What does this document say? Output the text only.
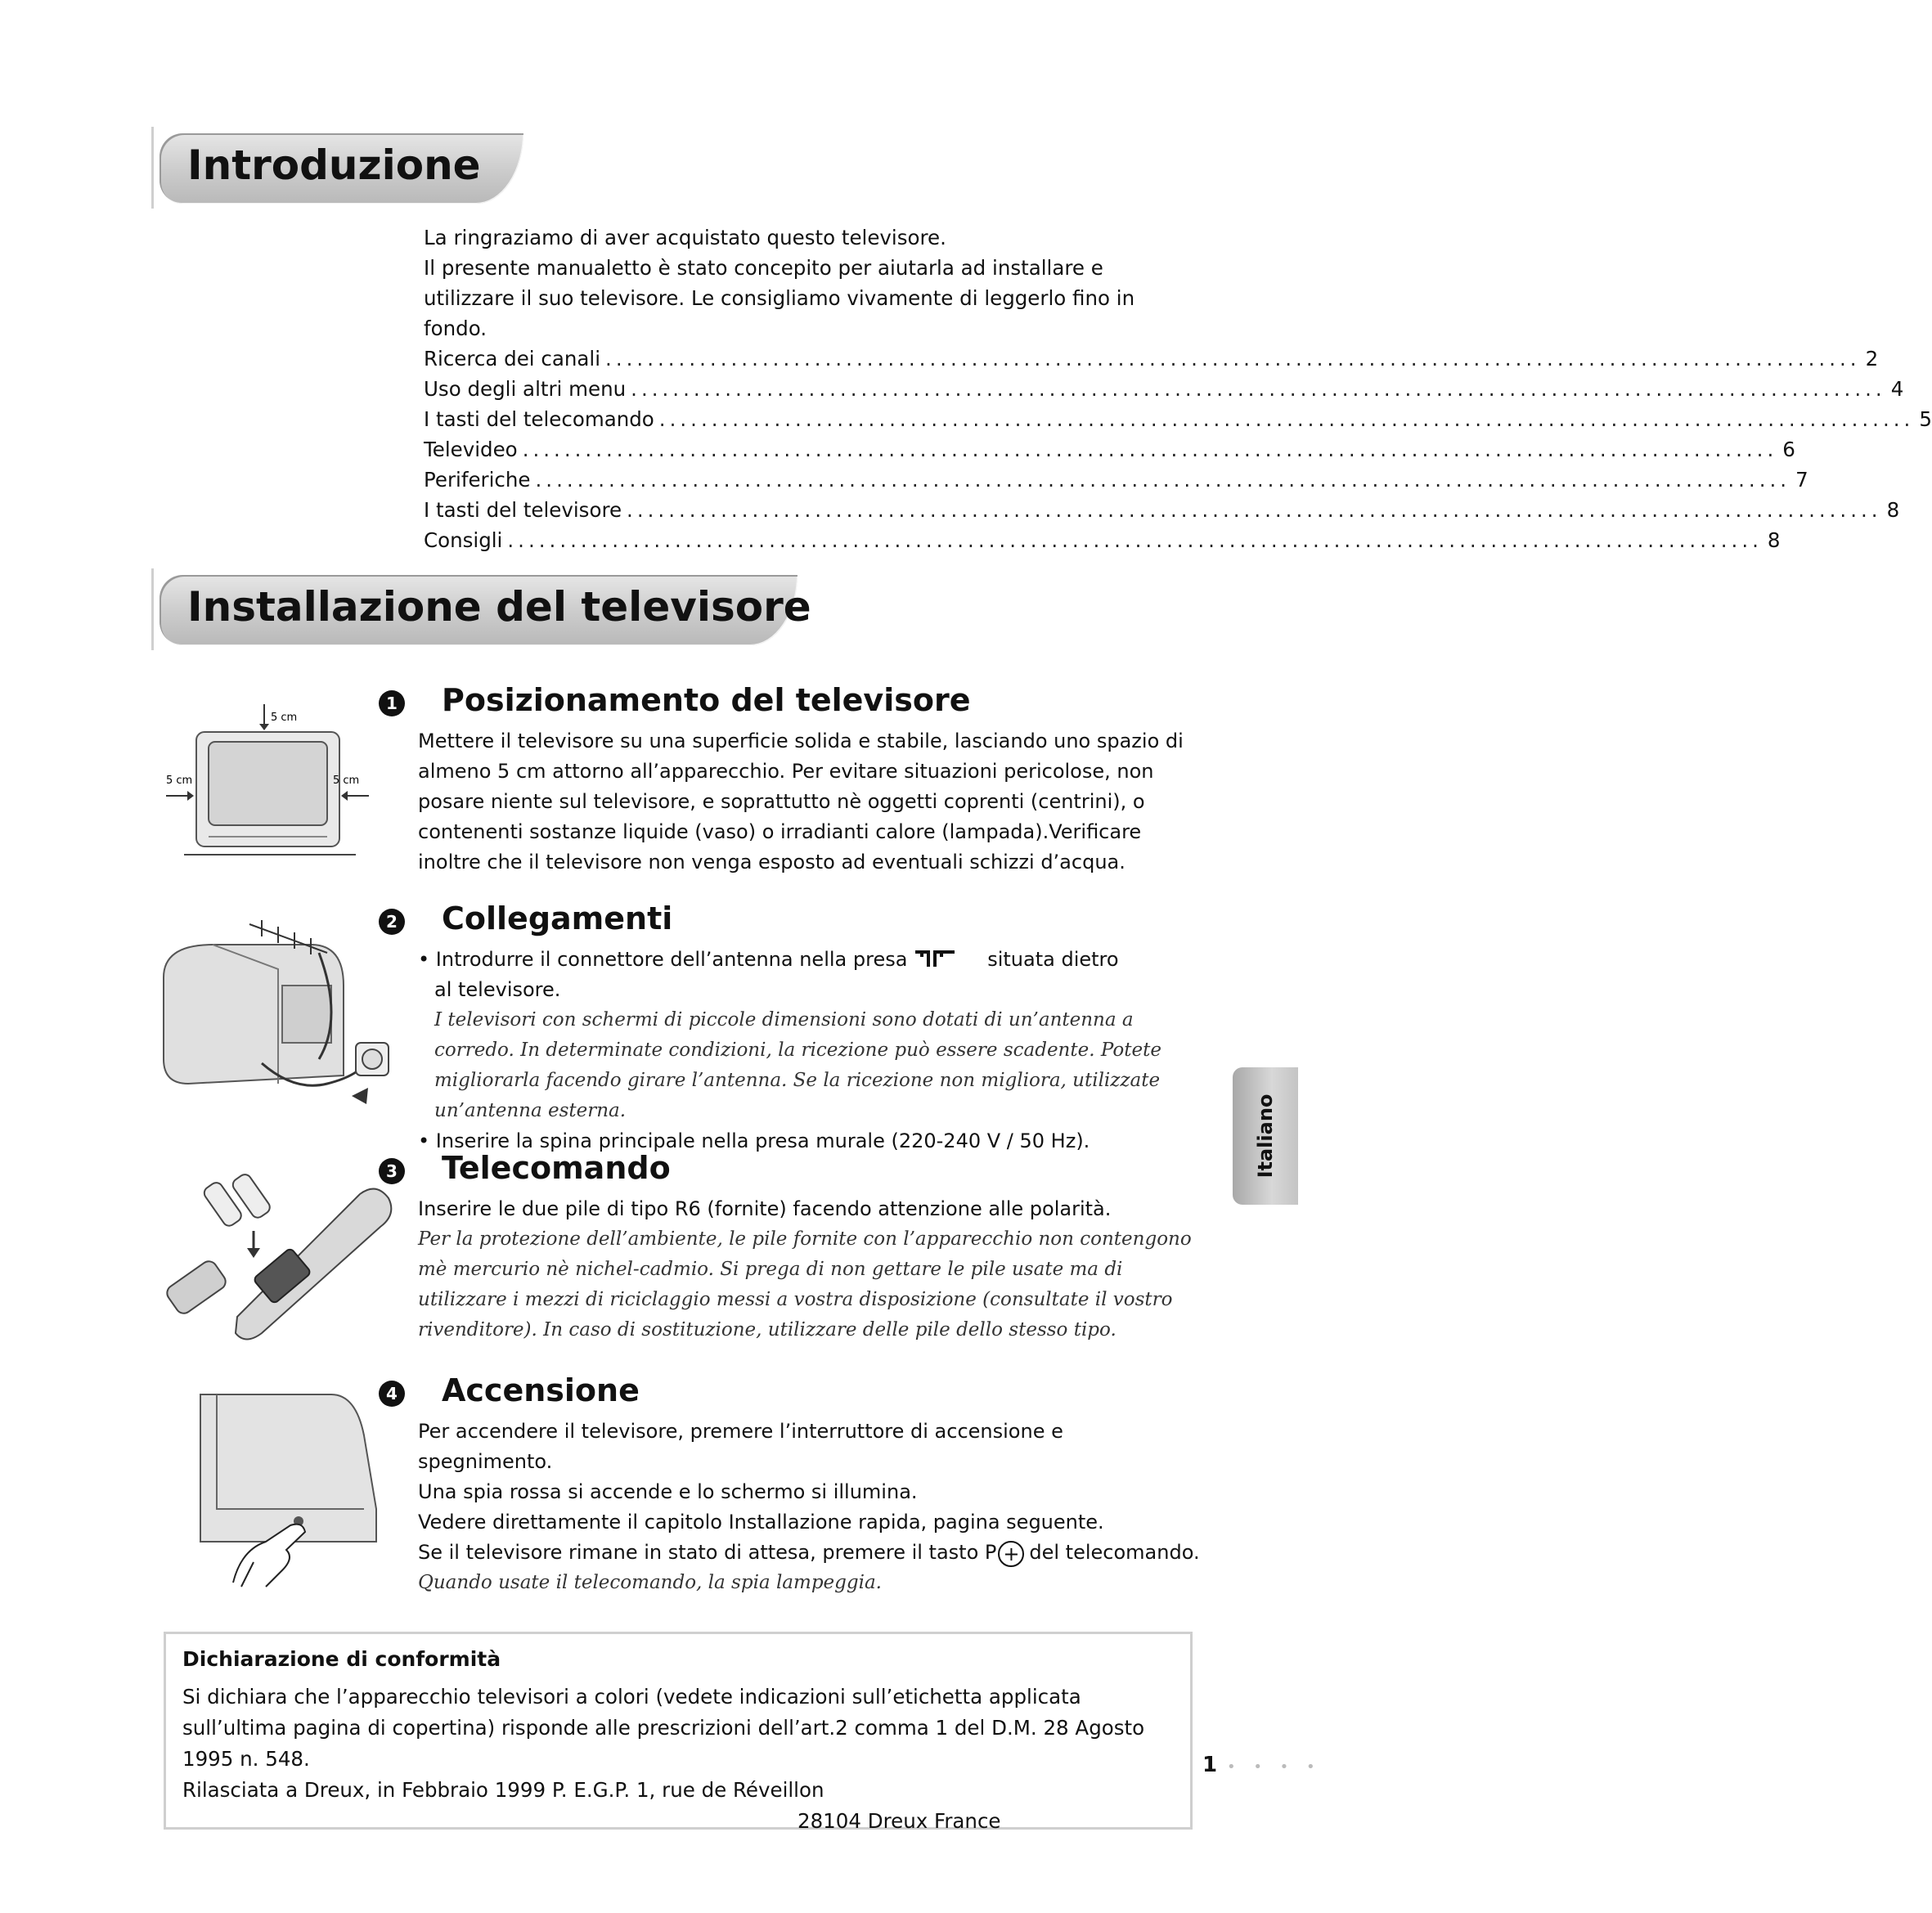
Introduzione

La ringraziamo di aver acquistato questo televisore.

Il presente manualetto è stato concepito per aiutarla ad installare e utilizzare il suo televisore. Le consigliamo vivamente di leggerlo fino in fondo.

Ricerca dei canali ........................................................................................................................ 2
Uso degli altri menu ........................................................................................................................ 4
I tasti del telecomando ........................................................................................................................ 5
Televideo ........................................................................................................................ 6
Periferiche ........................................................................................................................ 7
I tasti del televisore ........................................................................................................................ 8
Consigli ........................................................................................................................ 8
Installazione del televisore
5 cm
5 cm	5 cm
1 Posizionamento del televisore

Mettere il televisore su una superficie solida e stabile, lasciando uno spazio di almeno 5 cm attorno all’apparecchio. Per evitare situazioni pericolose, non posare niente sul televisore, e soprattutto nè oggetti coprenti (centrini), o contenenti sostanze liquide (vaso) o irradianti calore (lampada).Verificare inoltre che il televisore non venga esposto ad eventuali schizzi d’acqua.

2 Collegamenti

• Introdurre il connettore dell’antenna nella presa	situata dietro
al televisore.

I televisori con schermi di piccole dimensioni sono dotati di un’antenna a corredo. In determinate condizioni, la ricezione può essere scadente. Potete migliorarla facendo girare l’antenna. Se la ricezione non migliora, utilizzate un’antenna esterna.

• Inserire la spina principale nella presa murale (220-240 V / 50 Hz).

3 Telecomando

Inserire le due pile di tipo R6 (fornite) facendo attenzione alle polarità.

Per la protezione dell’ambiente, le pile fornite con l’apparecchio non contengono mè mercurio nè nichel-cadmio. Si prega di non gettare le pile usate ma di utilizzare i mezzi di riciclaggio messi a vostra disposizione (consultate il vostro rivenditore). In caso di sostituzione, utilizzare delle pile dello stesso tipo.

4 Accensione

Per accendere il televisore, premere l’interruttore di accensione e spegnimento.

Una spia rossa si accende e lo schermo si illumina.

Vedere direttamente il capitolo Installazione rapida, pagina seguente.

Se il televisore rimane in stato di attesa, premere il tasto P + del telecomando.

Quando usate il telecomando, la spia lampeggia.

Dichiarazione di conformità

Si dichiara che l’apparecchio televisori a colori (vedete indicazioni sull’etichetta applicata sull’ultima pagina di copertina) risponde alle prescrizioni dell’art.2 comma 1 del D.M. 28 Agosto 1995 n. 548.

Rilasciata a Dreux, in Febbraio 1999 P. E.G.P. 1, rue de Réveillon

28104 Dreux France

Italiano
1 • • • •
